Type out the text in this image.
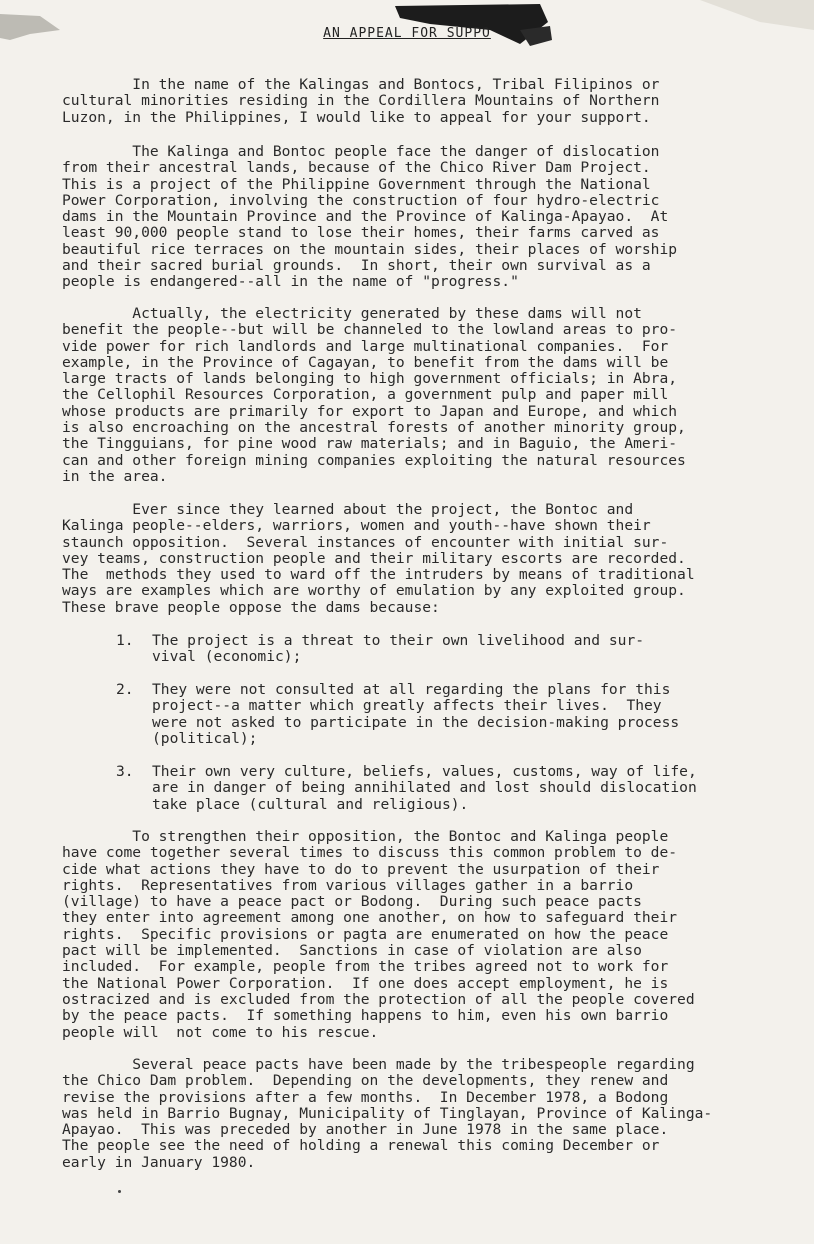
AN APPEAL FOR SUPPO
In the name of the Kalingas and Bontocs, Tribal Filipinos or
cultural minorities residing in the Cordillera Mountains of Northern
Luzon, in the Philippines, I would like to appeal for your support.
The Kalinga and Bontoc people face the danger of dislocation
from their ancestral lands, because of the Chico River Dam Project.
This is a project of the Philippine Government through the National
Power Corporation, involving the construction of four hydro-electric
dams in the Mountain Province and the Province of Kalinga-Apayao.  At
least 90,000 people stand to lose their homes, their farms carved as
beautiful rice terraces on the mountain sides, their places of worship
and their sacred burial grounds.  In short, their own survival as a
people is endangered--all in the name of "progress."
Actually, the electricity generated by these dams will not
benefit the people--but will be channeled to the lowland areas to pro-
vide power for rich landlords and large multinational companies.  For
example, in the Province of Cagayan, to benefit from the dams will be
large tracts of lands belonging to high government officials; in Abra,
the Cellophil Resources Corporation, a government pulp and paper mill
whose products are primarily for export to Japan and Europe, and which
is also encroaching on the ancestral forests of another minority group,
the Tingguians, for pine wood raw materials; and in Baguio, the Ameri-
can and other foreign mining companies exploiting the natural resources
in the area.
Ever since they learned about the project, the Bontoc and
Kalinga people--elders, warriors, women and youth--have shown their
staunch opposition.  Several instances of encounter with initial sur-
vey teams, construction people and their military escorts are recorded.
The  methods they used to ward off the intruders by means of traditional
ways are examples which are worthy of emulation by any exploited group.
These brave people oppose the dams because:

1.

The project is a threat to their own livelihood and sur-
vival (economic);

2.

They were not consulted at all regarding the plans for this
project--a matter which greatly affects their lives.  They
were not asked to participate in the decision-making process
(political);

3.

Their own very culture, beliefs, values, customs, way of life,
are in danger of being annihilated and lost should dislocation
take place (cultural and religious).

To strengthen their opposition, the Bontoc and Kalinga people
have come together several times to discuss this common problem to de-
cide what actions they have to do to prevent the usurpation of their
rights.  Representatives from various villages gather in a barrio
(village) to have a peace pact or Bodong.  During such peace pacts
they enter into agreement among one another, on how to safeguard their
rights.  Specific provisions or pagta are enumerated on how the peace
pact will be implemented.  Sanctions in case of violation are also
included.  For example, people from the tribes agreed not to work for
the National Power Corporation.  If one does accept employment, he is
ostracized and is excluded from the protection of all the people covered
by the peace pacts.  If something happens to him, even his own barrio
people will  not come to his rescue.
Several peace pacts have been made by the tribespeople regarding
the Chico Dam problem.  Depending on the developments, they renew and
revise the provisions after a few months.  In December 1978, a Bodong
was held in Barrio Bugnay, Municipality of Tinglayan, Province of Kalinga-
Apayao.  This was preceded by another in June 1978 in the same place.
The people see the need of holding a renewal this coming December or
early in January 1980.
